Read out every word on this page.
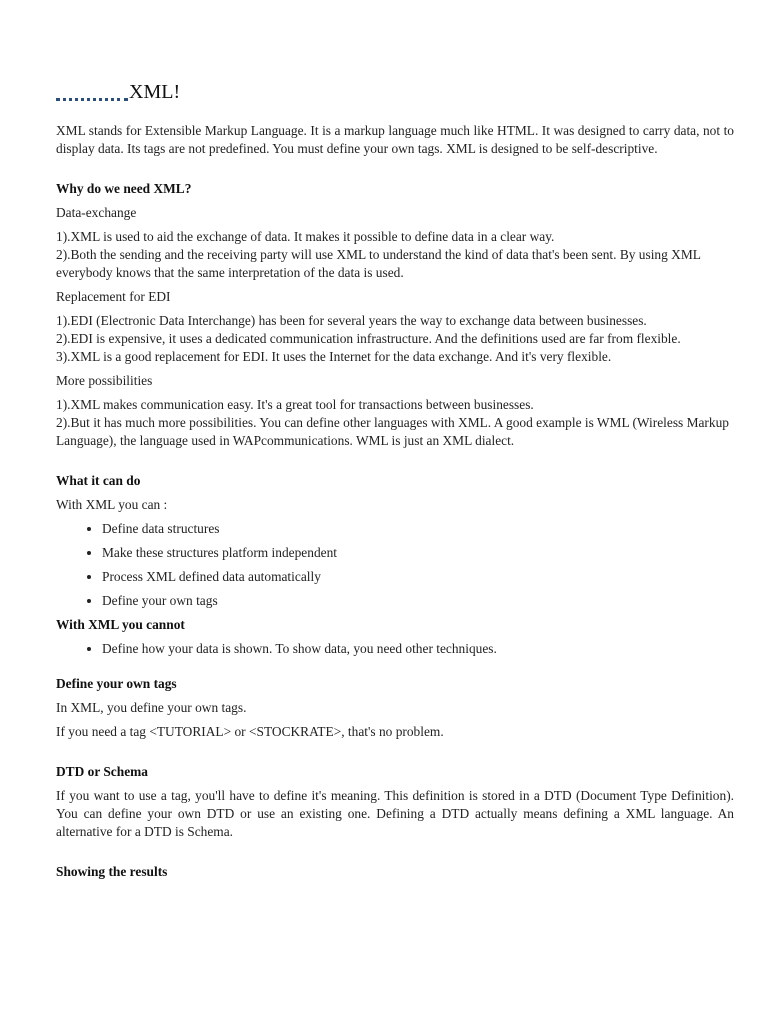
XML!

XML stands for Extensible Markup Language. It is a markup language much like HTML. It was designed to carry data, not to display data. Its tags are not predefined. You must define your own tags. XML is designed to be self-descriptive.

Why do we need XML?

Data-exchange

1).XML is used to aid the exchange of data. It makes it possible to define data in a clear way.

2).Both the sending and the receiving party will use XML to understand the kind of data that's been sent. By using XML everybody knows that the same interpretation of the data is used.

Replacement for EDI

1).EDI (Electronic Data Interchange) has been for several years the way to exchange data between businesses.

2).EDI is expensive, it uses a dedicated communication infrastructure. And the definitions used are far from flexible.

3).XML is a good replacement for EDI. It uses the Internet for the data exchange. And it's very flexible.

More possibilities

1).XML makes communication easy. It's a great tool for transactions between businesses.

2).But it has much more possibilities. You can define other languages with XML. A good example is WML (Wireless Markup Language), the language used in WAPcommunications. WML is just an XML dialect.

What it can do

With XML you can :

• Define data structures
• Make these structures platform independent
• Process XML defined data automatically
• Define your own tags

With XML you cannot

• Define how your data is shown. To show data, you need other techniques.

Define your own tags

In XML, you define your own tags.

If you need a tag <TUTORIAL> or <STOCKRATE>, that's no problem.

DTD or Schema

If you want to use a tag, you'll have to define it's meaning. This definition is stored in a DTD (Document Type Definition). You can define your own DTD or use an existing one. Defining a DTD actually means defining a XML language. An alternative for a DTD is Schema.

Showing the results
